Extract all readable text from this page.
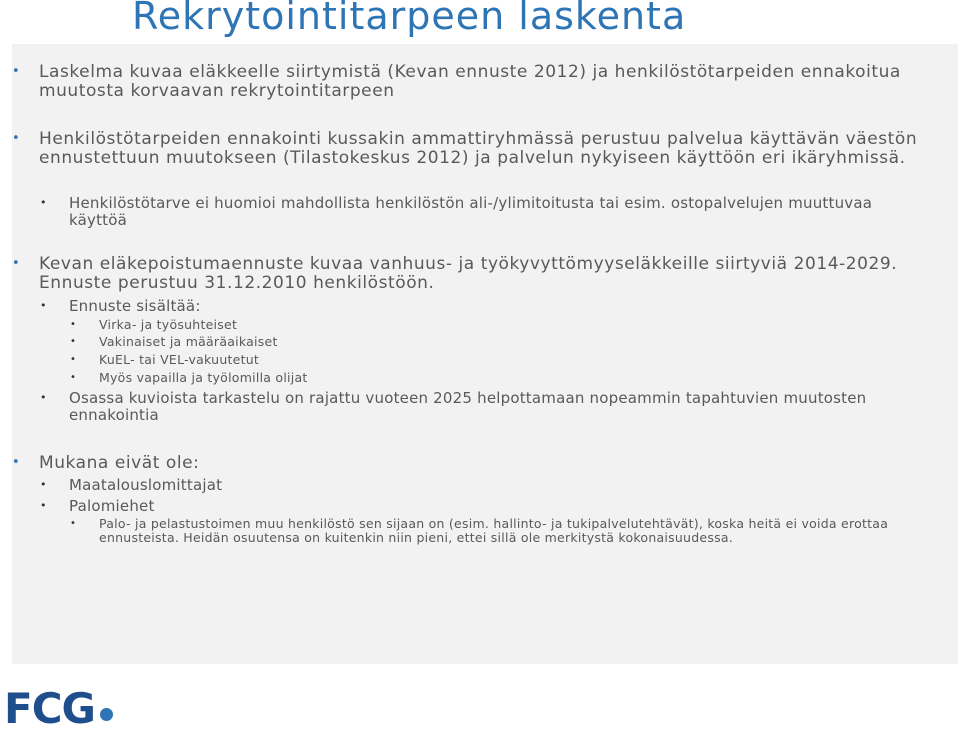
Rekrytointitarpeen laskenta
• Laskelma kuvaa eläkkeelle siirtymistä (Kevan ennuste 2012) ja henkilöstötarpeiden ennakoitua muutosta korvaavan rekrytointitarpeen
• Henkilöstötarpeiden ennakointi kussakin ammattiryhmässä perustuu palvelua käyttävän väestön ennustettuun muutokseen (Tilastokeskus 2012) ja palvelun nykyiseen käyttöön eri ikäryhmissä.
• Henkilöstötarve ei huomioi mahdollista henkilöstön ali-/ylimitoitusta tai esim. ostopalvelujen muuttuvaa käyttöä
• Kevan eläkepoistumaennuste kuvaa vanhuus- ja työkyvyttömyyseläkkeille siirtyviä 2014-2029. Ennuste perustuu 31.12.2010 henkilöstöön.
• Ennuste sisältää:
• Virka- ja työsuhteiset
• Vakinaiset ja määräaikaiset
• KuEL- tai VEL-vakuutetut
• Myös vapailla ja työlomilla olijat
• Osassa kuvioista tarkastelu on rajattu vuoteen 2025 helpottamaan nopeammin tapahtuvien muutosten ennakointia
• Mukana eivät ole:
• Maatalouslomittajat
• Palomiehet
• Palo- ja pelastustoimen muu henkilöstö sen sijaan on (esim. hallinto- ja tukipalvelutehtävät), koska heitä ei voida erottaa ennusteista. Heidän osuutensa on kuitenkin niin pieni, ettei sillä ole merkitystä kokonaisuudessa.
FCG
